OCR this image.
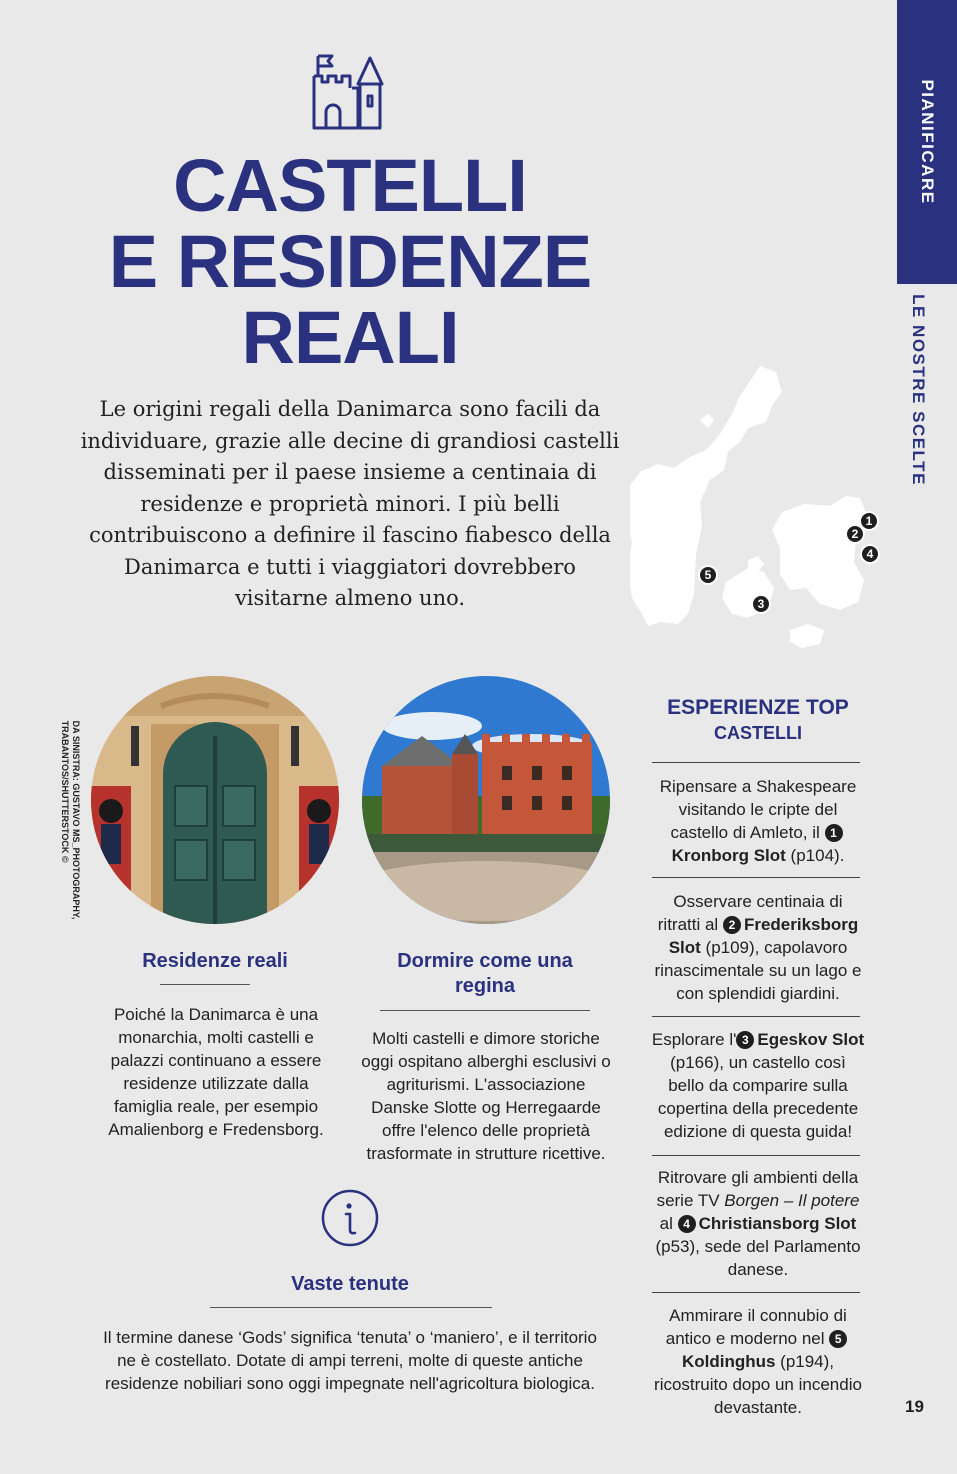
PIANIFICARE
LE NOSTRE SCELTE
CASTELLI
E RESIDENZE
REALI

Le origini regali della Danimarca sono facili da individuare, grazie alle decine di grandiosi castelli disseminati per il paese insieme a centinaia di residenze e proprietà minori. I più belli contribuiscono a definire il fascino fiabesco della Danimarca e tutti i viaggiatori dovrebbero visitarne almeno uno.

1
2
4
5
3
DA SINISTRA: GUSTAVO MS_PHOTOGRAPHY,
TRABANTOS/SHUTTERSTOCK ©
Residenze reali

Poiché la Danimarca è una monarchia, molti castelli e palazzi continuano a essere residenze utilizzate dalla famiglia reale, per esempio Amalienborg e Fredensborg.

Dormire come una regina

Molti castelli e dimore storiche oggi ospitano alberghi esclusivi o agriturismi. L'associazione Danske Slotte og Herregaarde offre l'elenco delle proprietà trasformate in strutture ricettive.

Vaste tenute

Il termine danese ‘Gods’ significa ‘tenuta’ o ‘maniero’, e il territorio ne è costellato. Dotate di ampi terreni, molte di queste antiche residenze nobiliari sono oggi impegnate nell'agricoltura biologica.

ESPERIENZE TOP
CASTELLI

Ripensare a Shakespeare visitando le cripte del castello di Amleto, il 1Kronborg Slot (p104).

Osservare centinaia di ritratti al 2 Frederiksborg Slot (p109), capolavoro rinascimentale su un lago e con splendidi giardini.

Esplorare l' 3 Egeskov Slot (p166), un castello così bello da comparire sulla copertina della precedente edizione di questa guida!

Ritrovare gli ambienti della serie TV Borgen – Il potere al 4 Christiansborg Slot (p53), sede del Parlamento danese.

Ammirare il connubio di antico e moderno nel 5Koldinghus (p194), ricostruito dopo un incendio devastante.	19
